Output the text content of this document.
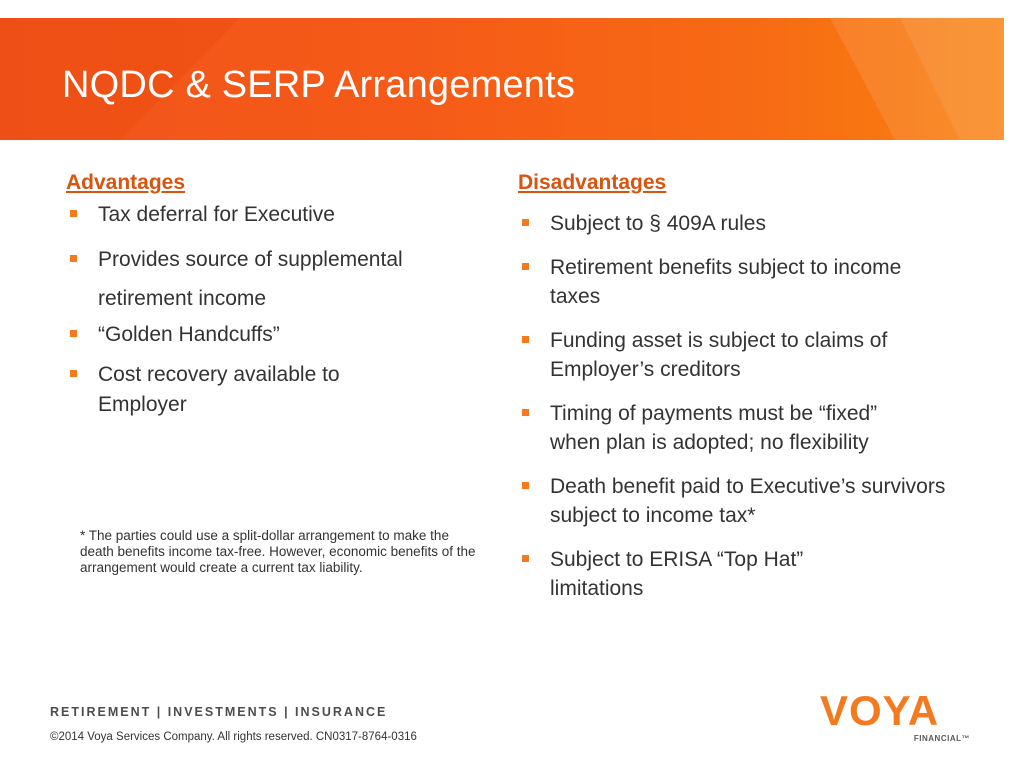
NQDC & SERP Arrangements
Advantages
Tax deferral for Executive
Provides source of supplemental retirement income
“Golden Handcuffs”
Cost recovery available to Employer
Disadvantages
Subject to § 409A rules
Retirement benefits subject to income taxes
Funding asset is subject to claims of Employer’s creditors
Timing of payments must be “fixed” when plan is adopted; no flexibility
Death benefit paid to Executive’s survivors subject to income tax*
Subject to ERISA “Top Hat” limitations
* The parties could use a split-dollar arrangement to make the death benefits income tax-free. However, economic benefits of the arrangement would create a current tax liability.
RETIREMENT | INVESTMENTS | INSURANCE
©2014 Voya Services Company. All rights reserved. CN0317-8764-0316
VOYA
FINANCIAL™
